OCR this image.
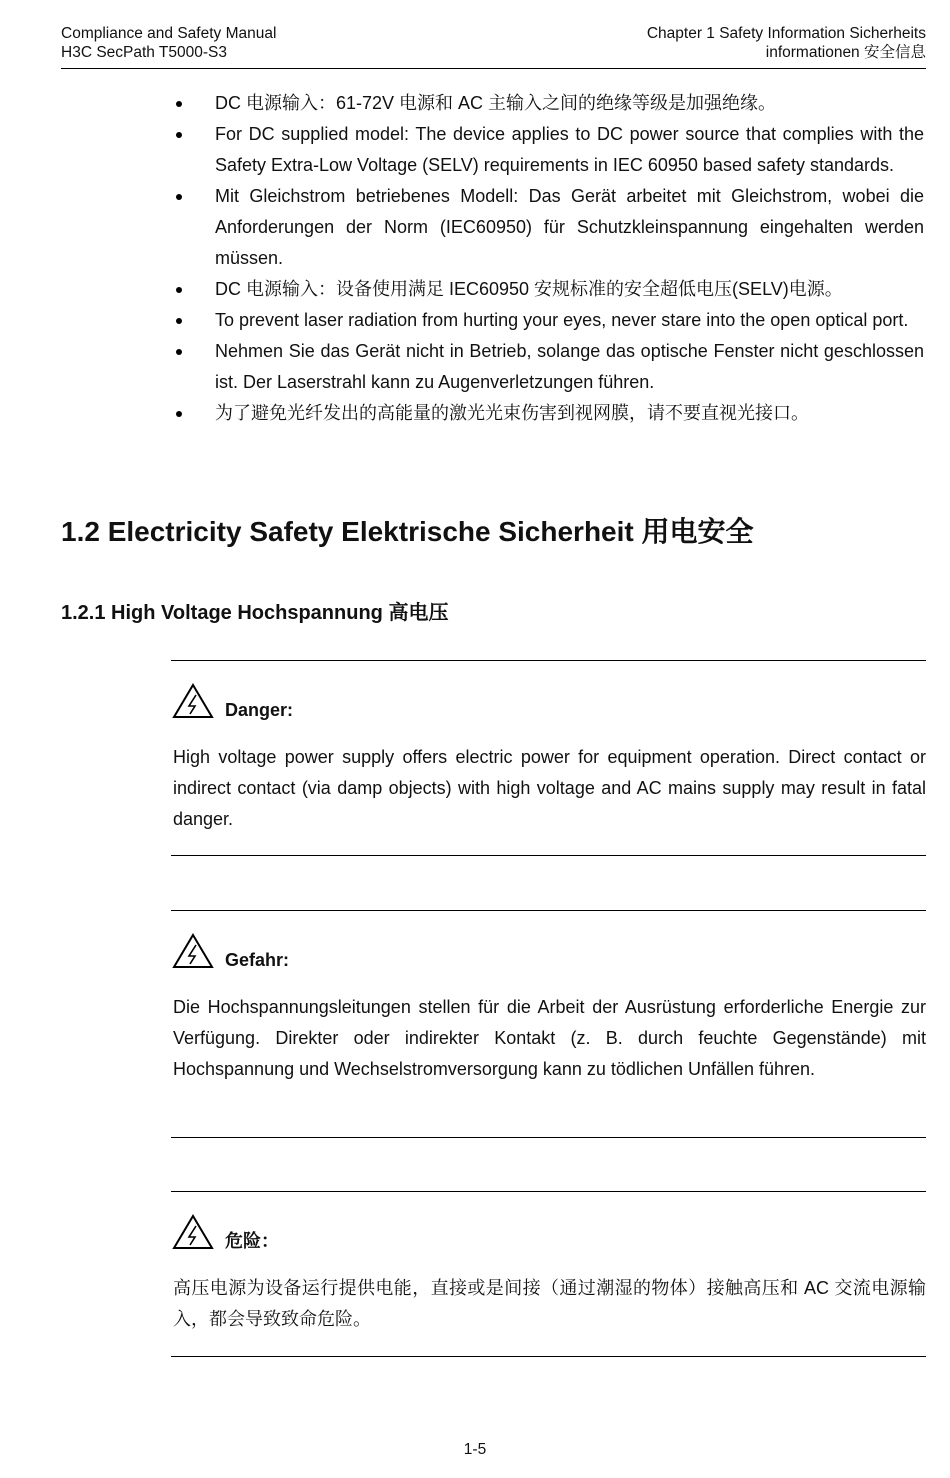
Compliance and Safety Manual
H3C SecPath T5000-S3
Chapter 1 Safety Information Sicherheits
informationen 安全信息
DC 电源输入：61-72V 电源和 AC 主输入之间的绝缘等级是加强绝缘。
For DC supplied model: The device applies to DC power source that complies with the Safety Extra-Low Voltage (SELV) requirements in IEC 60950 based safety standards.
Mit Gleichstrom betriebenes Modell: Das Gerät arbeitet mit Gleichstrom, wobei die Anforderungen der Norm (IEC60950) für Schutzkleinspannung eingehalten werden müssen.
DC 电源输入：设备使用满足 IEC60950 安规标准的安全超低电压(SELV)电源。
To prevent laser radiation from hurting your eyes, never stare into the open optical port.
Nehmen Sie das Gerät nicht in Betrieb, solange das optische Fenster nicht geschlossen ist. Der Laserstrahl kann zu Augenverletzungen führen.
为了避免光纤发出的高能量的激光光束伤害到视网膜，请不要直视光接口。
1.2 Electricity Safety Elektrische Sicherheit 用电安全
1.2.1 High Voltage Hochspannung 高电压
Danger:

High voltage power supply offers electric power for equipment operation. Direct contact or indirect contact (via damp objects) with high voltage and AC mains supply may result in fatal danger.

Gefahr:

Die Hochspannungsleitungen stellen für die Arbeit der Ausrüstung erforderliche Energie zur Verfügung. Direkter oder indirekter Kontakt (z. B. durch feuchte Gegenstände) mit Hochspannung und Wechselstromversorgung kann zu tödlichen Unfällen führen.

危险：

高压电源为设备运行提供电能，直接或是间接（通过潮湿的物体）接触高压和 AC 交流电源输入，都会导致致命危险。

1-5
